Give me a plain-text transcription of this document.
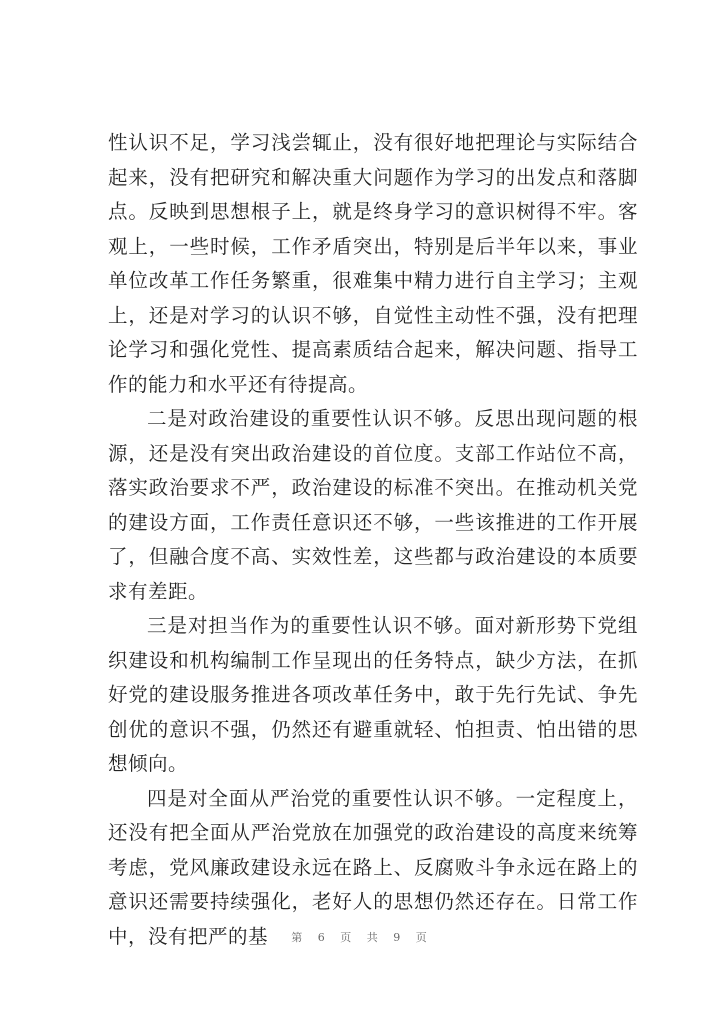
性认识不足，学习浅尝辄止，没有很好地把理论与实际结合起来，没有把研究和解决重大问题作为学习的出发点和落脚点。反映到思想根子上，就是终身学习的意识树得不牢。客观上，一些时候，工作矛盾突出，特别是后半年以来，事业单位改革工作任务繁重，很难集中精力进行自主学习；主观上，还是对学习的认识不够，自觉性主动性不强，没有把理论学习和强化党性、提高素质结合起来，解决问题、指导工作的能力和水平还有待提高。

二是对政治建设的重要性认识不够。反思出现问题的根源，还是没有突出政治建设的首位度。支部工作站位不高，落实政治要求不严，政治建设的标准不突出。在推动机关党的建设方面，工作责任意识还不够，一些该推进的工作开展了，但融合度不高、实效性差，这些都与政治建设的本质要求有差距。

三是对担当作为的重要性认识不够。面对新形势下党组织建设和机构编制工作呈现出的任务特点，缺少方法，在抓好党的建设服务推进各项改革任务中，敢于先行先试、争先创优的意识不强，仍然还有避重就轻、怕担责、怕出错的思想倾向。

四是对全面从严治党的重要性认识不够。一定程度上，还没有把全面从严治党放在加强党的政治建设的高度来统筹考虑，党风廉政建设永远在路上、反腐败斗争永远在路上的意识还需要持续强化，老好人的思想仍然还存在。日常工作中，没有把严的基	第 6 页 共 9 页
